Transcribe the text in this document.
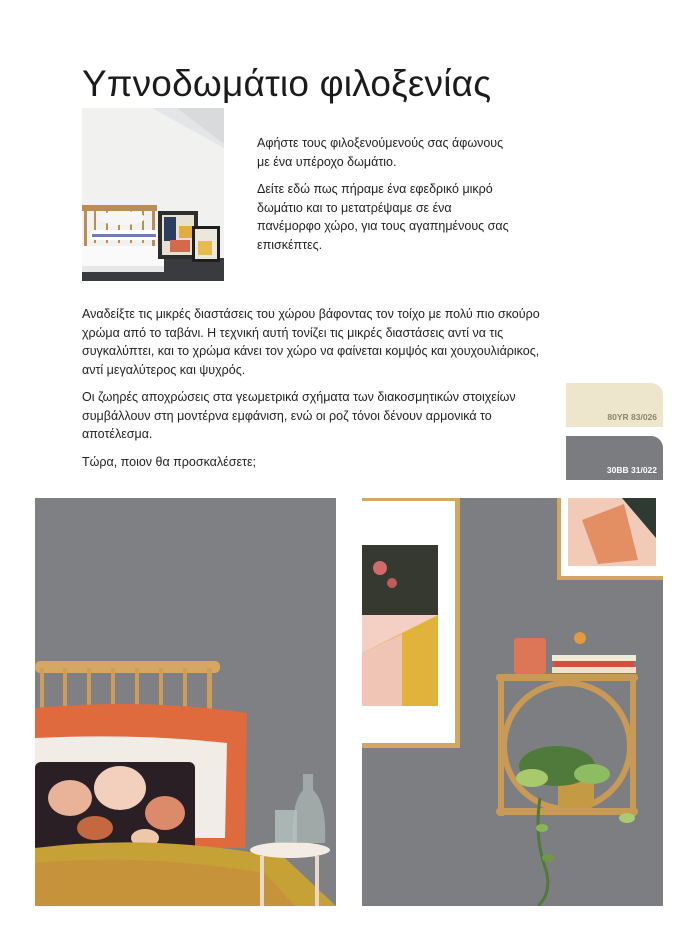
Υπνοδωμάτιο φιλοξενίας

Αφήστε τους φιλοξενούμενούς σας άφωνους με ένα υπέροχο δωμάτιο.

Δείτε εδώ πως πήραμε ένα εφεδρικό μικρό δωμάτιο και το μετατρέψαμε σε ένα πανέμορφο χώρο, για τους αγαπημένους σας επισκέπτες.

Αναδείξτε τις μικρές διαστάσεις του χώρου βάφοντας τον τοίχο με πολύ πιο σκούρο χρώμα από το ταβάνι. Η τεχνική αυτή τονίζει τις μικρές διαστάσεις αντί να τις συγκαλύπτει, και το χρώμα κάνει τον χώρο να φαίνεται κομψός και χουχουλιάρικος, αντί μεγαλύτερος και ψυχρός.

Οι ζωηρές αποχρώσεις στα γεωμετρικά σχήματα των διακοσμητικών στοιχείων συμβάλλουν στη μοντέρνα εμφάνιση, ενώ οι ροζ τόνοι δένουν αρμονικά το αποτέλεσμα.

Τώρα, ποιον θα προσκαλέσετε;

80YR 83/026
30BB 31/022
